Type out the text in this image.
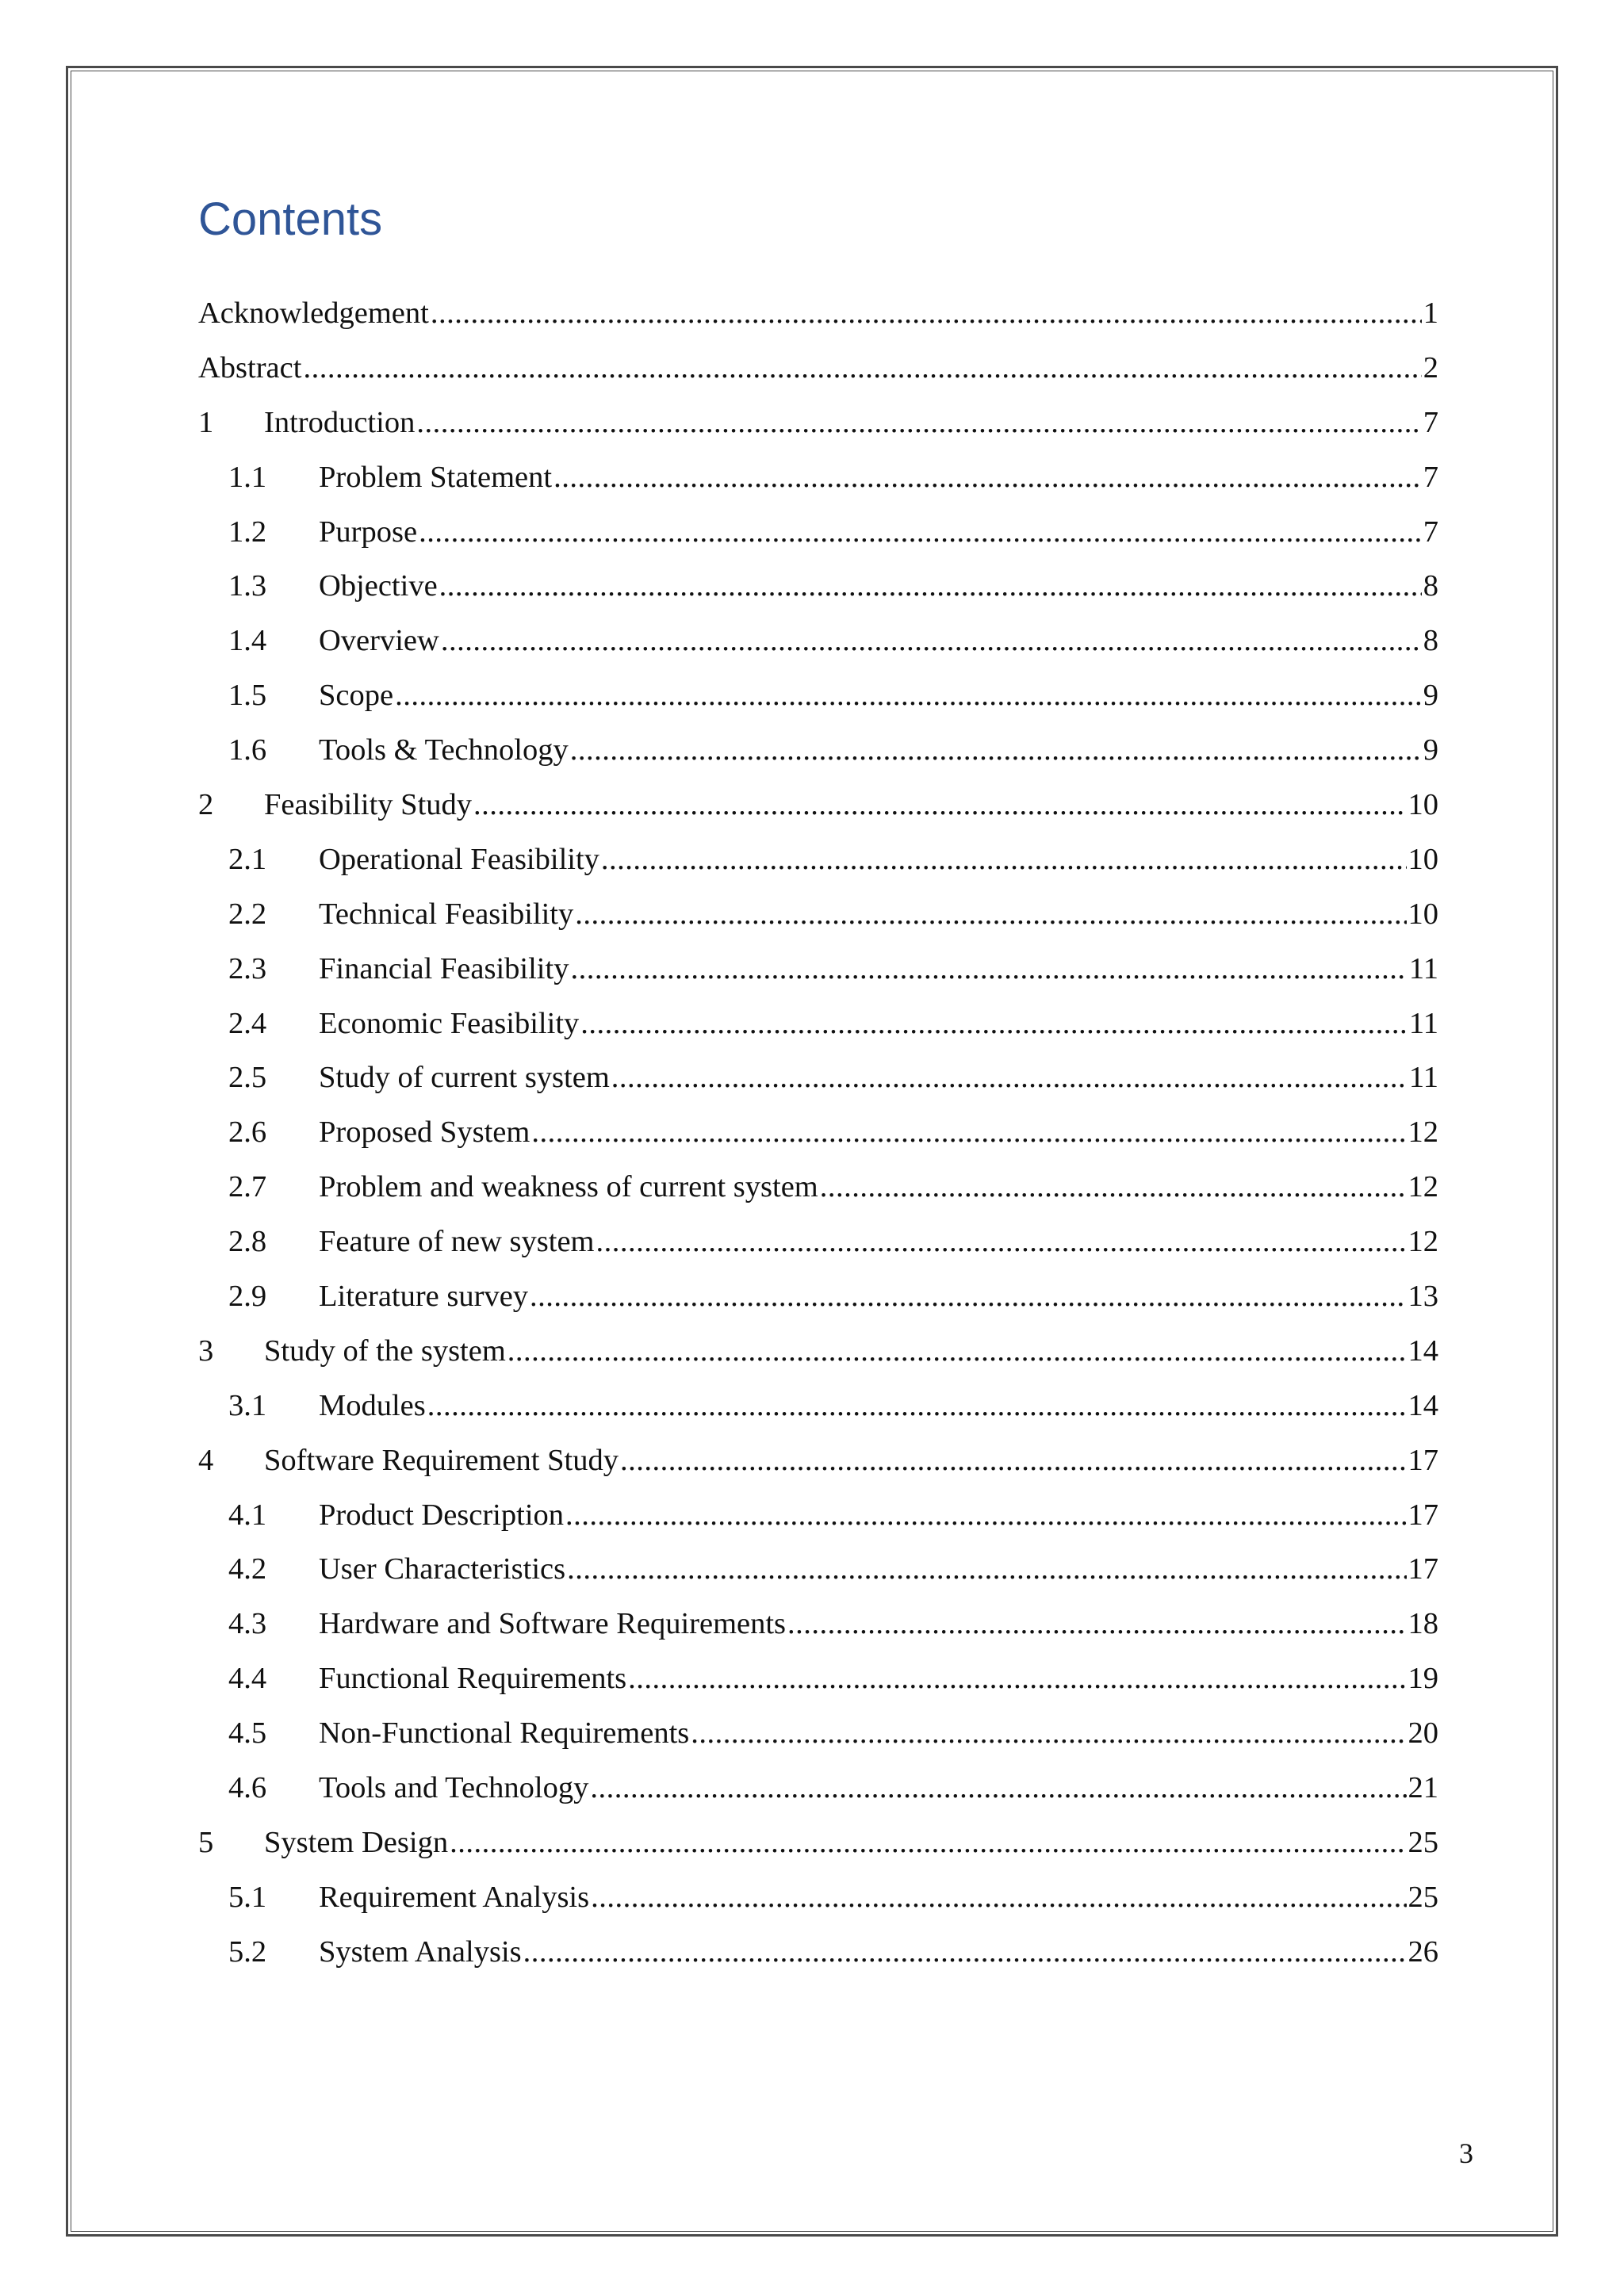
Contents
Acknowledgement .....	1
Abstract .....	2
1	Introduction .....	7
1.1	Problem Statement .....	7
1.2	Purpose .....	7
1.3	Objective .....	8
1.4	Overview .....	8
1.5	Scope .....	9
1.6	Tools & Technology .....	9
2	Feasibility Study .....	10
2.1	Operational Feasibility .....	10
2.2	Technical Feasibility .....	10
2.3	Financial Feasibility .....	11
2.4	Economic Feasibility .....	11
2.5	Study of current system .....	11
2.6	Proposed System .....	12
2.7	Problem and weakness of current system .....	12
2.8	Feature of new system .....	12
2.9	Literature survey .....	13
3	Study of the system .....	14
3.1	Modules .....	14
4	Software Requirement Study .....	17
4.1	Product Description .....	17
4.2	User Characteristics .....	17
4.3	Hardware and Software Requirements .....	18
4.4	Functional Requirements .....	19
4.5	Non-Functional Requirements .....	20
4.6	Tools and Technology .....	21
5	System Design .....	25
5.1	Requirement Analysis .....	25
5.2	System Analysis .....	26
3
